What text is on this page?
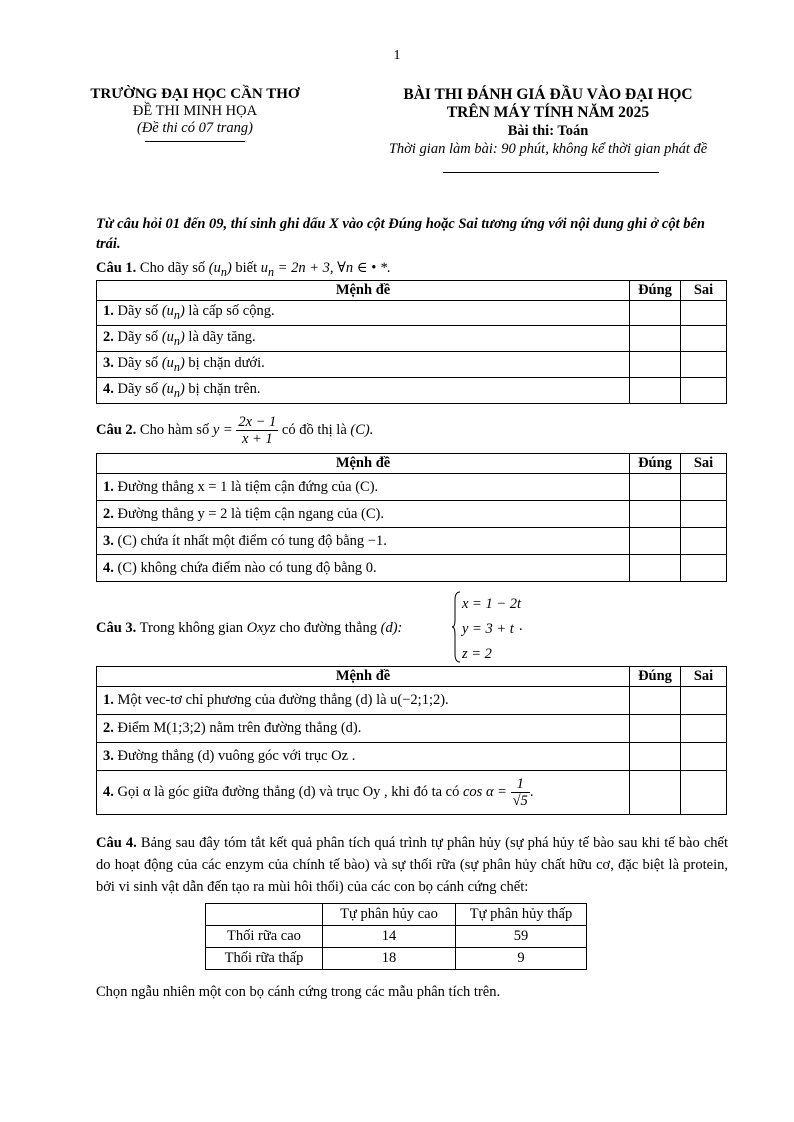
1
TRƯỜNG ĐẠI HỌC CẦN THƠ
ĐỀ THI MINH HỌA
(Đề thi có 07 trang)
BÀI THI ĐÁNH GIÁ ĐẦU VÀO ĐẠI HỌC
TRÊN MÁY TÍNH NĂM 2025
Bài thi: Toán
Thời gian làm bài: 90 phút, không kể thời gian phát đề
Từ câu hỏi 01 đến 09, thí sinh ghi dấu X vào cột Đúng hoặc Sai tương ứng với nội dung ghi ở cột bên trái.
Câu 1. Cho dãy số $(u_n)$ biết $u_n = 2n + 3$, ∀n ∈ • *.
Mệnh đề	Đúng	Sai
1. Dãy số $(u_n)$ là cấp số cộng.		
2. Dãy số $(u_n)$ là dãy tăng.		
3. Dãy số $(u_n)$ bị chặn dưới.		
4. Dãy số $(u_n)$ bị chặn trên.		
Câu 2. Cho hàm số $y = \frac{2x - 1}{x + 1}$ có đồ thị là (C).
Mệnh đề	Đúng	Sai
1. Đường thẳng x = 1 là tiệm cận đứng của (C).		
2. Đường thẳng y = 2 là tiệm cận ngang của (C).		
3. (C) chứa ít nhất một điểm có tung độ bằng −1.		
4. (C) không chứa điểm nào có tung độ bằng 0.		
Câu 3. Trong không gian Oxyz cho đường thẳng (d):
x = 1 − 2t
y = 3 + t
z = 2
.
Mệnh đề	Đúng	Sai
1. Một vec-tơ chỉ phương của đường thẳng (d) là u(−2;1;2).		
2. Điểm M(1;3;2) nằm trên đường thẳng (d).		
3. Đường thẳng (d) vuông góc với trục Oz .		
4. Gọi α là góc giữa đường thẳng (d) và trục Oy , khi đó ta có $\cos \alpha = \frac{1}{√5}$ .		
Câu 4. Bảng sau đây tóm tắt kết quả phân tích quá trình tự phân hủy (sự phá hủy tế bào sau khi tế bào chết do hoạt động của các enzym của chính tế bào) và sự thối rữa (sự phân hủy chất hữu cơ, đặc biệt là protein, bởi vi sinh vật dẫn đến tạo ra mùi hôi thối) của các con bọ cánh cứng chết:
	Tự phân hủy cao	Tự phân hủy thấp
Thối rữa cao	14	59
Thối rữa thấp	18	9
Chọn ngẫu nhiên một con bọ cánh cứng trong các mẫu phân tích trên.
